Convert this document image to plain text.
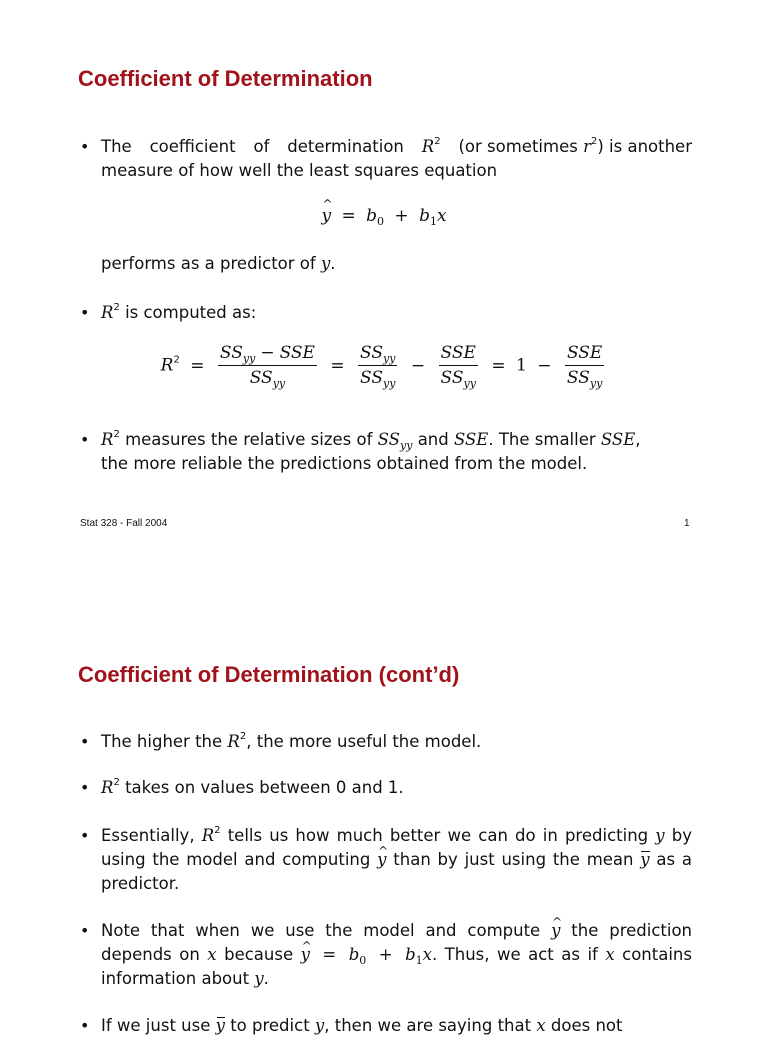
Coefficient of Determination
• The coefficient of determination $R^2$ (or sometimes $r^2$) is another
measure of how well the least squares equation
y ^ = $b_0 + b_1x$
performs as a predictor of y.
• $R^2$ is computed as:
$R^2 = \frac{SS_{yy} - SSE}{SS_{yy}} = \frac{SS_{yy}}{SS_{yy}} - \frac{\text{SSE}}{SS_{yy}} = 1 - \frac{\text{SSE}}{SS_{yy}}$
• $R^2$ measures the relative sizes of $SS_{yy}$ and SSE. The smaller SSE,
the more reliable the predictions obtained from the model.
Stat 328 - Fall 2004	1
Coefficient of Determination (cont’d)
• The higher the $R^2$, the more useful the model.
• $R^2$ takes on values between 0 and 1.
• Essentially, $R^2$ tells us how much better we can do in predicting y by using the model and computing y ^ than by just using the mean y as a predictor.
• Note that when we use the model and compute y ^ the prediction depends on x because y ^ = $b_0 + b_1x$. Thus, we act as if x contains information about y.
• If we just use y to predict y, then we are saying that x does not
